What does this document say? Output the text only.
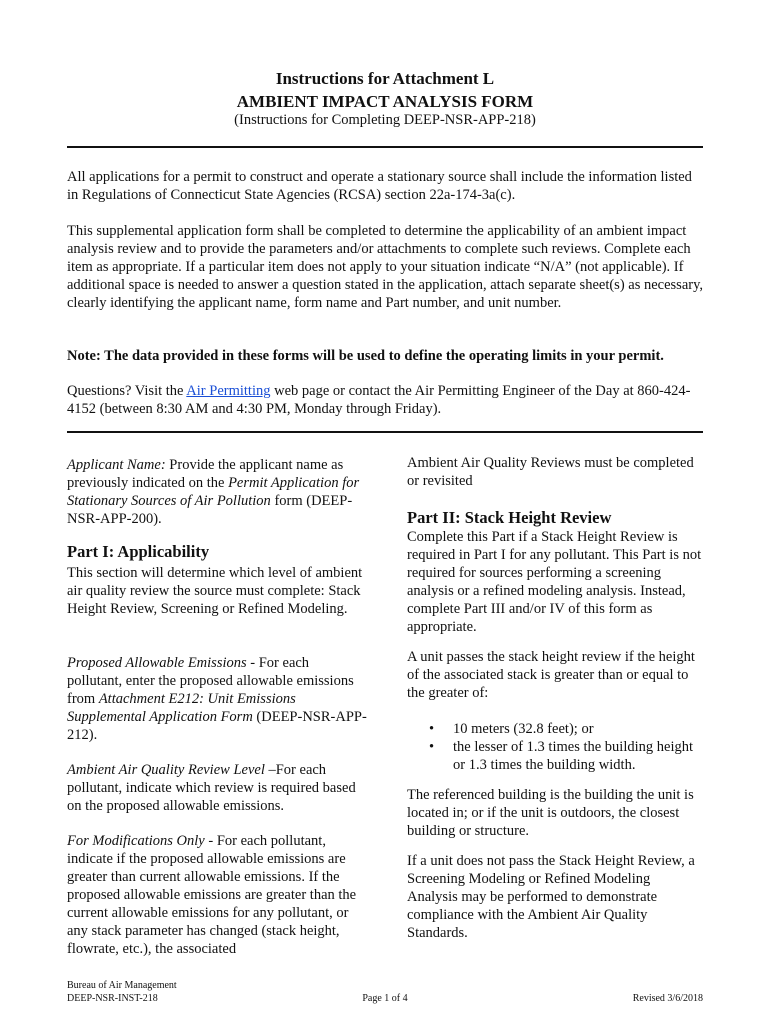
Instructions for Attachment L
AMBIENT IMPACT ANALYSIS FORM
(Instructions for Completing DEEP-NSR-APP-218)
All applications for a permit to construct and operate a stationary source shall include the information listed in Regulations of Connecticut State Agencies (RCSA) section 22a-174-3a(c).
This supplemental application form shall be completed to determine the applicability of an ambient impact analysis review and to provide the parameters and/or attachments to complete such reviews. Complete each item as appropriate. If a particular item does not apply to your situation indicate “N/A” (not applicable). If additional space is needed to answer a question stated in the application, attach separate sheet(s) as necessary, clearly identifying the applicant name, form name and Part number, and unit number.
Note: The data provided in these forms will be used to define the operating limits in your permit.
Questions? Visit the Air Permitting web page or contact the Air Permitting Engineer of the Day at 860-424-4152 (between 8:30 AM and 4:30 PM, Monday through Friday).
Applicant Name: Provide the applicant name as previously indicated on the Permit Application for Stationary Sources of Air Pollution form (DEEP-NSR-APP-200).
Part I: Applicability
This section will determine which level of ambient air quality review the source must complete: Stack Height Review, Screening or Refined Modeling.
Proposed Allowable Emissions - For each pollutant, enter the proposed allowable emissions from Attachment E212: Unit Emissions Supplemental Application Form (DEEP-NSR-APP-212).
Ambient Air Quality Review Level –For each pollutant, indicate which review is required based on the proposed allowable emissions.
For Modifications Only - For each pollutant, indicate if the proposed allowable emissions are greater than current allowable emissions. If the proposed allowable emissions are greater than the current allowable emissions for any pollutant, or any stack parameter has changed (stack height, flowrate, etc.), the associated
Ambient Air Quality Reviews must be completed or revisited
Part II: Stack Height Review
Complete this Part if a Stack Height Review is required in Part I for any pollutant. This Part is not required for sources performing a screening analysis or a refined modeling analysis. Instead, complete Part III and/or IV of this form as appropriate.
A unit passes the stack height review if the height of the associated stack is greater than or equal to the greater of:
• 10 meters (32.8 feet); or
• the lesser of 1.3 times the building height or 1.3 times the building width.
The referenced building is the building the unit is located in; or if the unit is outdoors, the closest building or structure.
If a unit does not pass the Stack Height Review, a Screening Modeling or Refined Modeling Analysis may be performed to demonstrate compliance with the Ambient Air Quality Standards.
Bureau of Air Management
DEEP-NSR-INST-218	Page 1 of 4	Revised 3/6/2018
